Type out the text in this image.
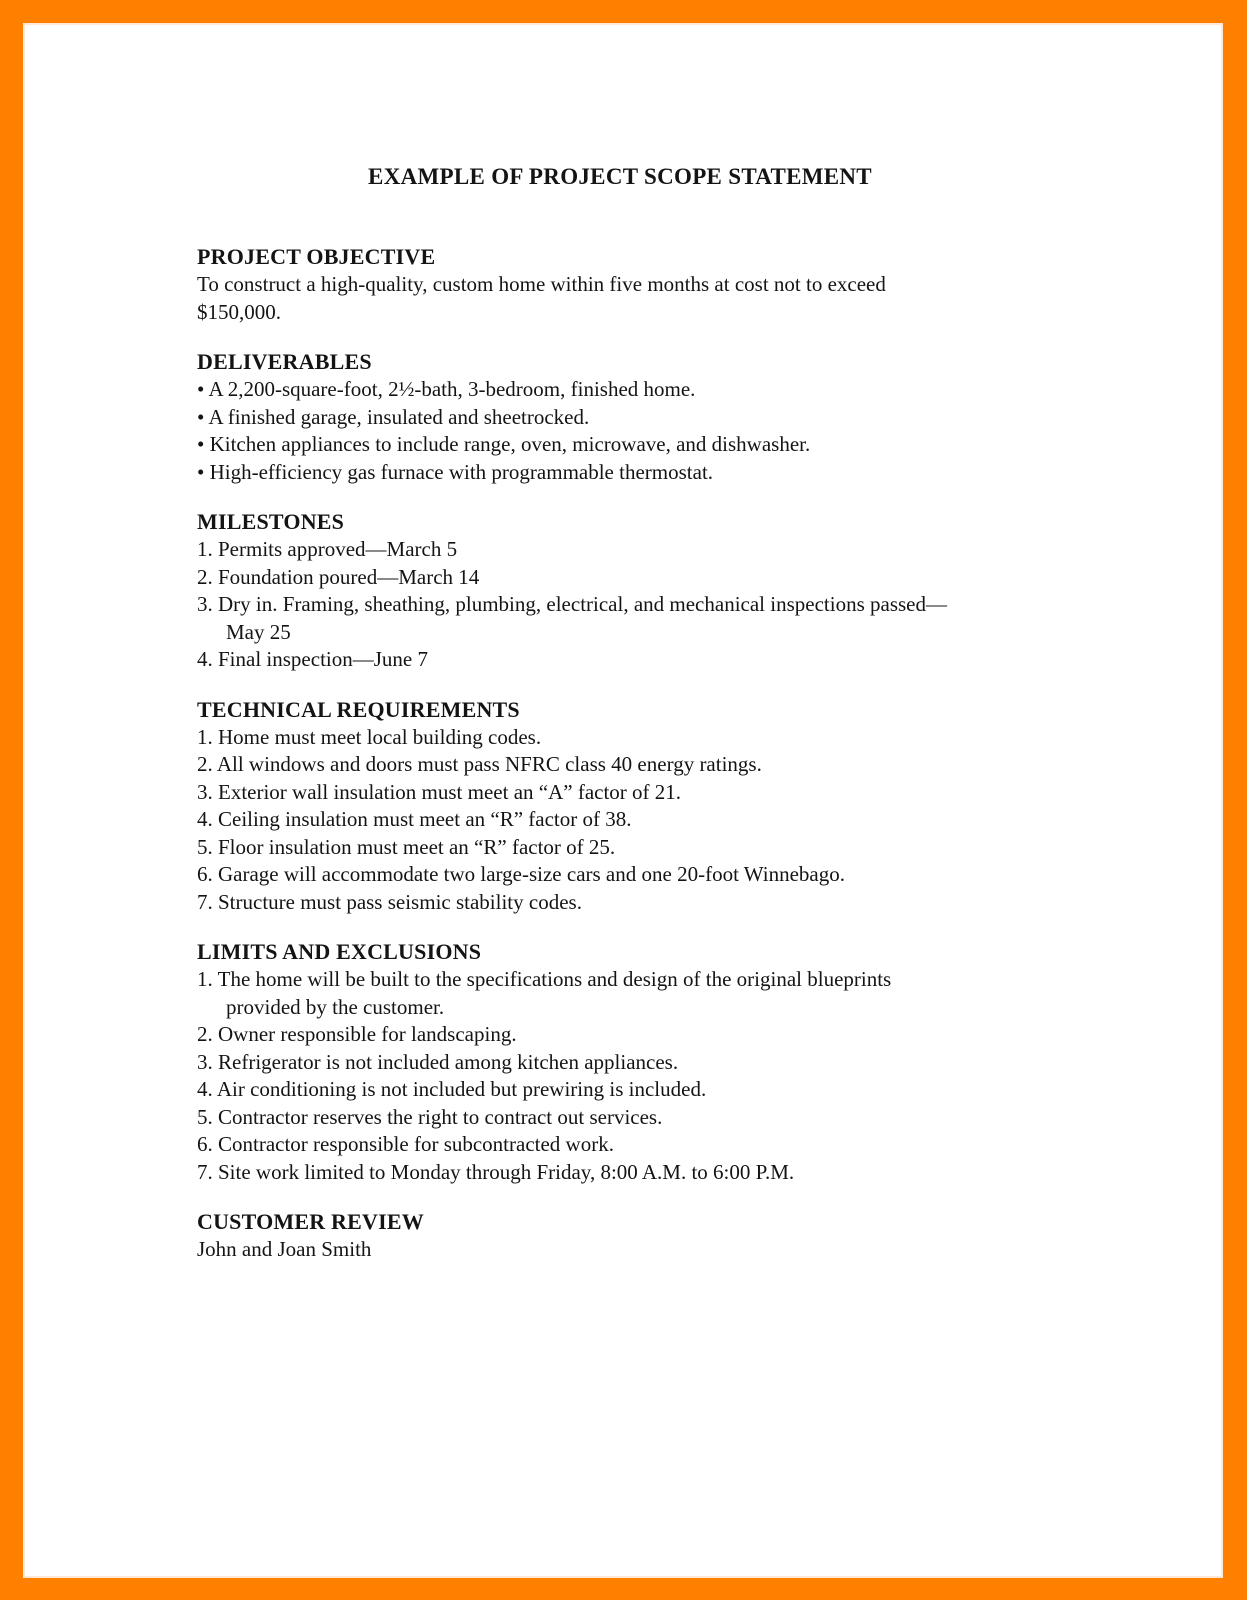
EXAMPLE OF PROJECT SCOPE STATEMENT
PROJECT OBJECTIVE
To construct a high-quality, custom home within five months at cost not to exceed
$150,000.
DELIVERABLES
• A 2,200-square-foot, 2½-bath, 3-bedroom, finished home.
• A finished garage, insulated and sheetrocked.
• Kitchen appliances to include range, oven, microwave, and dishwasher.
• High-efficiency gas furnace with programmable thermostat.
MILESTONES
1. Permits approved—March 5
2. Foundation poured—March 14
3. Dry in. Framing, sheathing, plumbing, electrical, and mechanical inspections passed—
May 25
4. Final inspection—June 7
TECHNICAL REQUIREMENTS
1. Home must meet local building codes.
2. All windows and doors must pass NFRC class 40 energy ratings.
3. Exterior wall insulation must meet an “A” factor of 21.
4. Ceiling insulation must meet an “R” factor of 38.
5. Floor insulation must meet an “R” factor of 25.
6. Garage will accommodate two large-size cars and one 20-foot Winnebago.
7. Structure must pass seismic stability codes.
LIMITS AND EXCLUSIONS
1. The home will be built to the specifications and design of the original blueprints
provided by the customer.
2. Owner responsible for landscaping.
3. Refrigerator is not included among kitchen appliances.
4. Air conditioning is not included but prewiring is included.
5. Contractor reserves the right to contract out services.
6. Contractor responsible for subcontracted work.
7. Site work limited to Monday through Friday, 8:00 A.M. to 6:00 P.M.
CUSTOMER REVIEW
John and Joan Smith
